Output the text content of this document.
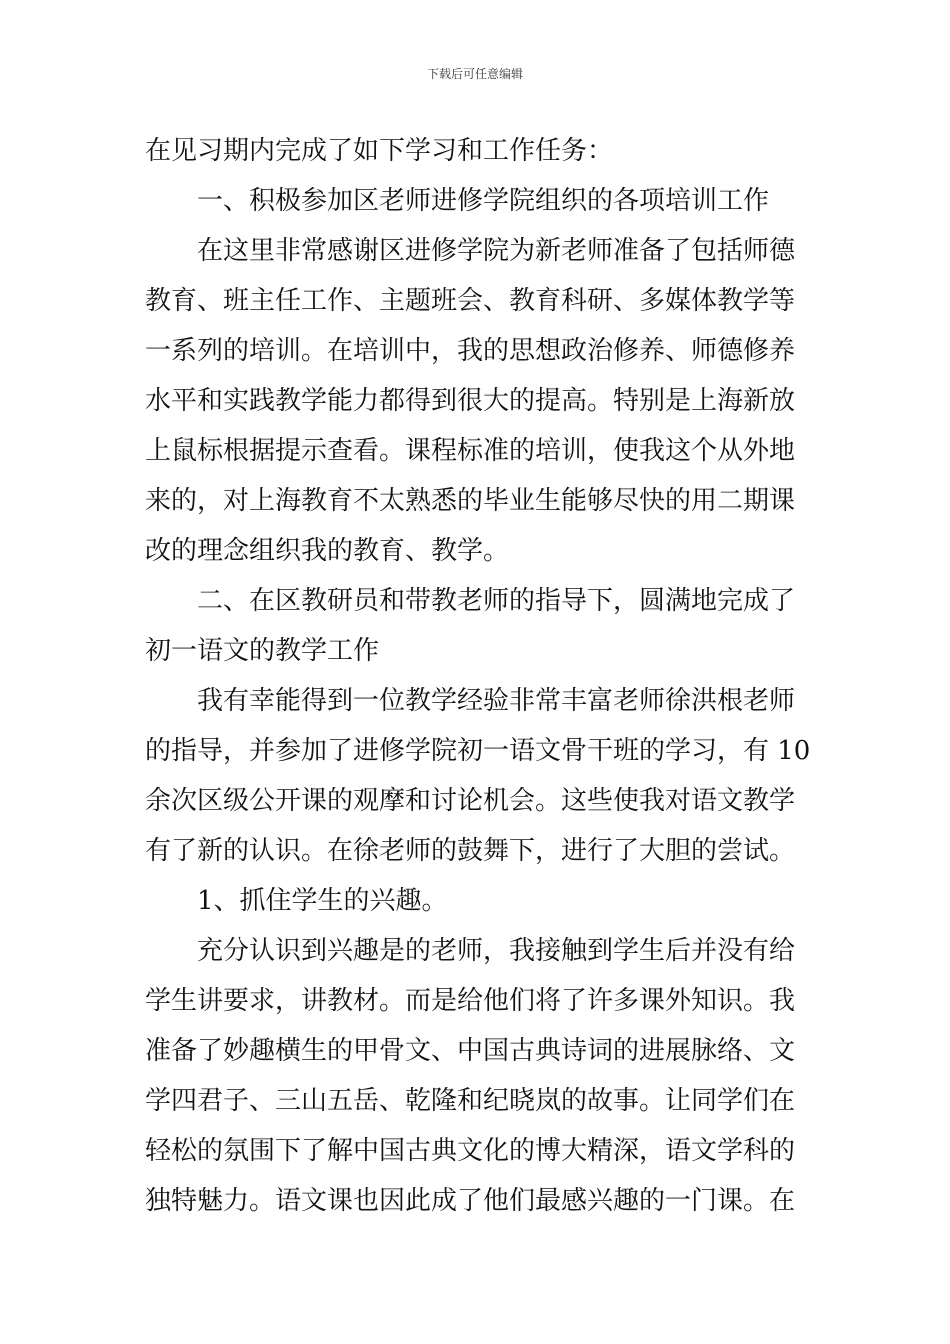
下载后可任意编辑
在见习期内完成了如下学习和工作任务：
一、积极参加区老师进修学院组织的各项培训工作
在这里非常感谢区进修学院为新老师准备了包括师德
教育、班主任工作、主题班会、教育科研、多媒体教学等
一系列的培训。在培训中，我的思想政治修养、师德修养
水平和实践教学能力都得到很大的提高。特别是上海新放
上鼠标根据提示查看。课程标准的培训，使我这个从外地
来的，对上海教育不太熟悉的毕业生能够尽快的用二期课
改的理念组织我的教育、教学。
二、在区教研员和带教老师的指导下，圆满地完成了
初一语文的教学工作
我有幸能得到一位教学经验非常丰富老师徐洪根老师
的指导，并参加了进修学院初一语文骨干班的学习，有 10
余次区级公开课的观摩和讨论机会。这些使我对语文教学
有了新的认识。在徐老师的鼓舞下，进行了大胆的尝试。
1、抓住学生的兴趣。
充分认识到兴趣是的老师，我接触到学生后并没有给
学生讲要求，讲教材。而是给他们将了许多课外知识。我
准备了妙趣横生的甲骨文、中国古典诗词的进展脉络、文
学四君子、三山五岳、乾隆和纪晓岚的故事。让同学们在
轻松的氛围下了解中国古典文化的博大精深，语文学科的
独特魅力。语文课也因此成了他们最感兴趣的一门课。在
